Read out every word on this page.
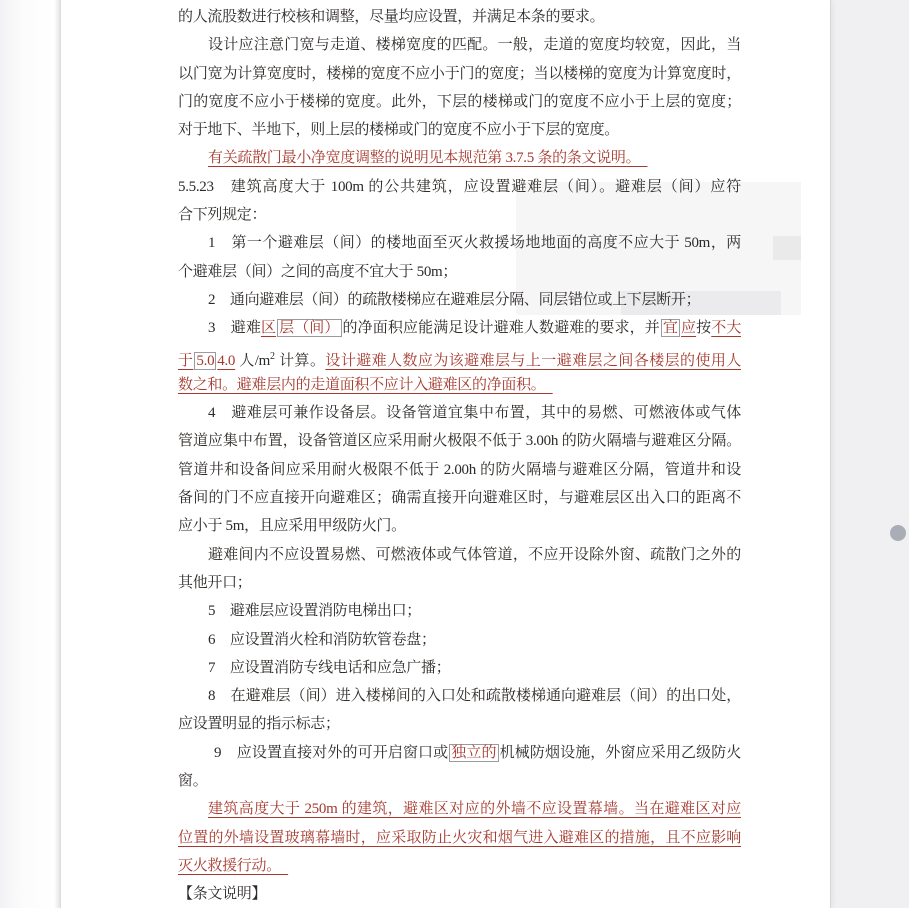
的人流股数进行校核和调整，尽量均应设置，并满足本条的要求。
设计应注意门宽与走道、楼梯宽度的匹配。一般，走道的宽度均较宽，因此，当
以门宽为计算宽度时，楼梯的宽度不应小于门的宽度；当以楼梯的宽度为计算宽度时，
门的宽度不应小于楼梯的宽度。此外，下层的楼梯或门的宽度不应小于上层的宽度；
对于地下、半地下，则上层的楼梯或门的宽度不应小于下层的宽度。
有关疏散门最小净宽度调整的说明见本规范第 3.7.5 条的条文说明。　
5.5.23　建筑高度大于 100m 的公共建筑，应设置避难层（间）。避难层（间）应符
合下列规定：
1　第一个避难层（间）的楼地面至灭火救援场地地面的高度不应大于 50m，两
个避难层（间）之间的高度不宜大于 50m；
2　通向避难层（间）的疏散楼梯应在避难层分隔、同层错位或上下层断开；
3　避难区 层（间） 的净面积应能满足设计避难人数避难的要求，并 宜 应按不大
于 5.0 4.0 人$/m^2$ 计算。设计避难人数应为该避难层与上一避难层之间各楼层的使用人
数之和。避难层内的走道面积不应计入避难区的净面积。　
4　避难层可兼作设备层。设备管道宜集中布置，其中的易燃、可燃液体或气体
管道应集中布置，设备管道区应采用耐火极限不低于 3.00h 的防火隔墙与避难区分隔。
管道井和设备间应采用耐火极限不低于 2.00h 的防火隔墙与避难区分隔，管道井和设
备间的门不应直接开向避难区；确需直接开向避难区时，与避难层区出入口的距离不
应小于 5m，且应采用甲级防火门。
避难间内不应设置易燃、可燃液体或气体管道，不应开设除外窗、疏散门之外的
其他开口；
5　避难层应设置消防电梯出口；
6　应设置消火栓和消防软管卷盘；
7　应设置消防专线电话和应急广播；
8　在避难层（间）进入楼梯间的入口处和疏散楼梯通向避难层（间）的出口处，
应设置明显的指示标志；
9　应设置直接对外的可开启窗口或 独立的 机械防烟设施，外窗应采用乙级防火
窗。
建筑高度大于 250m 的建筑，避难区对应的外墙不应设置幕墙。当在避难区对应
位置的外墙设置玻璃幕墙时，应采取防止火灾和烟气进入避难区的措施，且不应影响
灭火救援行动。　
【条文说明】
